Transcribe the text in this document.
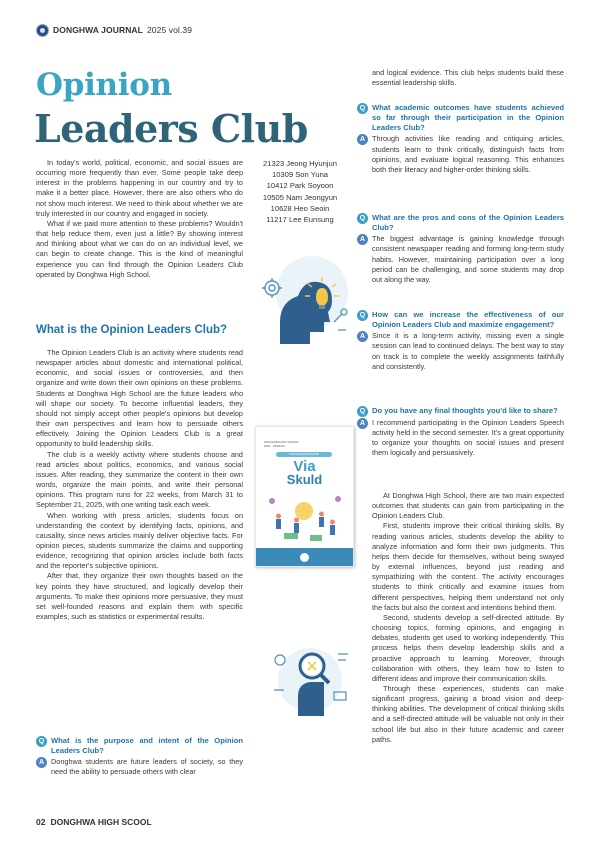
DONGHWA JOURNAL 2025 vol.39
Opinion
Leaders Club

In today's world, political, economic, and social issues are occurring more frequently than ever. Some people take deep interest in the problems happening in our country and try to make it a better place. However, there are also others who do not show much interest. We need to think about whether we are truly interested in our country and engaged in society.

What if we paid more attention to these problems? Wouldn't that help reduce them, even just a little? By showing interest and thinking about what we can do on an individual level, we can begin to create change. This is the kind of meaningful experience you can find through the Opinion Leaders Club operated by Donghwa High School.

21323 Jeong Hyunjun
10309 Son Yuna
10412 Park Soyoon
10505 Nam Jeongyun
10628 Heo Seoin
11217 Lee Eunsung
What is the Opinion Leaders Club?

The Opinion Leaders Club is an activity where students read newspaper articles about domestic and international political, economic, and social issues or controversies, and then organize and write down their own opinions on these problems. Students at Donghwa High School are the future leaders who will shape our society. To become influential leaders, they should not simply accept other people's opinions but develop their own perspectives and learn how to persuade others effectively. Joining the Opinion Leaders Club is a great opportunity to build leadership skills.

The club is a weekly activity where students choose and read articles about politics, economics, and various social issues. After reading, they summarize the content in their own words, organize the main points, and write their personal opinions. This program runs for 22 weeks, from March 31 to September 21, 2025, with one writing task each week.

When working with press articles, students focus on understanding the context by identifying facts, opinions, and causality, since news articles mainly deliver objective facts. For opinion pieces, students summarize the claims and supporting evidence, recognizing that opinion articles include both facts and the reporter's subjective opinions.

After that, they organize their own thoughts based on the key points they have structured, and logically develop their arguments. To make their opinions more persuasive, they must set well-founded reasons and explain them with specific examples, such as statistics or experimental results.

DONGHWA HIGH SCHOOL
2025 · OPINION
DONGHWA MAGAZINE
Via
Skuld
Q What is the purpose and intent of the Opinion Leaders Club?
A Donghwa students are future leaders of society, so they need the ability to persuade others with clear
and logical evidence. This club helps students build these essential leadership skills.
Q What academic outcomes have students achieved so far through their participation in the Opinion Leaders Club?
A Through activities like reading and critiquing articles, students learn to think critically, distinguish facts from opinions, and evaluate logical reasoning. This enhances both their literacy and higher-order thinking skills.
Q What are the pros and cons of the Opinion Leaders Club?
A The biggest advantage is gaining knowledge through consistent newspaper reading and forming long-term study habits. However, maintaining participation over a long period can be challenging, and some students may drop out along the way.
Q How can we increase the effectiveness of our Opinion Leaders Club and maximize engagement?
A Since it is a long-term activity, missing even a single session can lead to continued delays. The best way to stay on track is to complete the weekly assignments faithfully and consistently.
Q Do you have any final thoughts you'd like to share?
A I recommend participating in the Opinion Leaders Speech activity held in the second semester. It's a great opportunity to organize your thoughts on social issues and present them logically and persuasively.

At Donghwa High School, there are two main expected outcomes that students can gain from participating in the Opinion Leaders Club.

First, students improve their critical thinking skills. By reading various articles, students develop the ability to analyze information and form their own judgments. This helps them decide for themselves, without being swayed by external influences, beyond just reading and sympathizing with the content. The activity encourages students to think critically and examine issues from different perspectives, helping them understand not only the facts but also the context and intentions behind them.

Second, students develop a self-directed attitude. By choosing topics, forming opinions, and engaging in debates, students get used to working independently. This process helps them develop leadership skills and a proactive approach to learning. Moreover, through collaboration with others, they learn how to listen to different ideas and improve their communication skills.

Through these experiences, students can make significant progress, gaining a broad vision and deep-thinking abilities. The development of critical thinking skills and a self-directed attitude will be valuable not only in their school life but also in their future academic and career paths.

02 DONGHWA HIGH SCOOL
